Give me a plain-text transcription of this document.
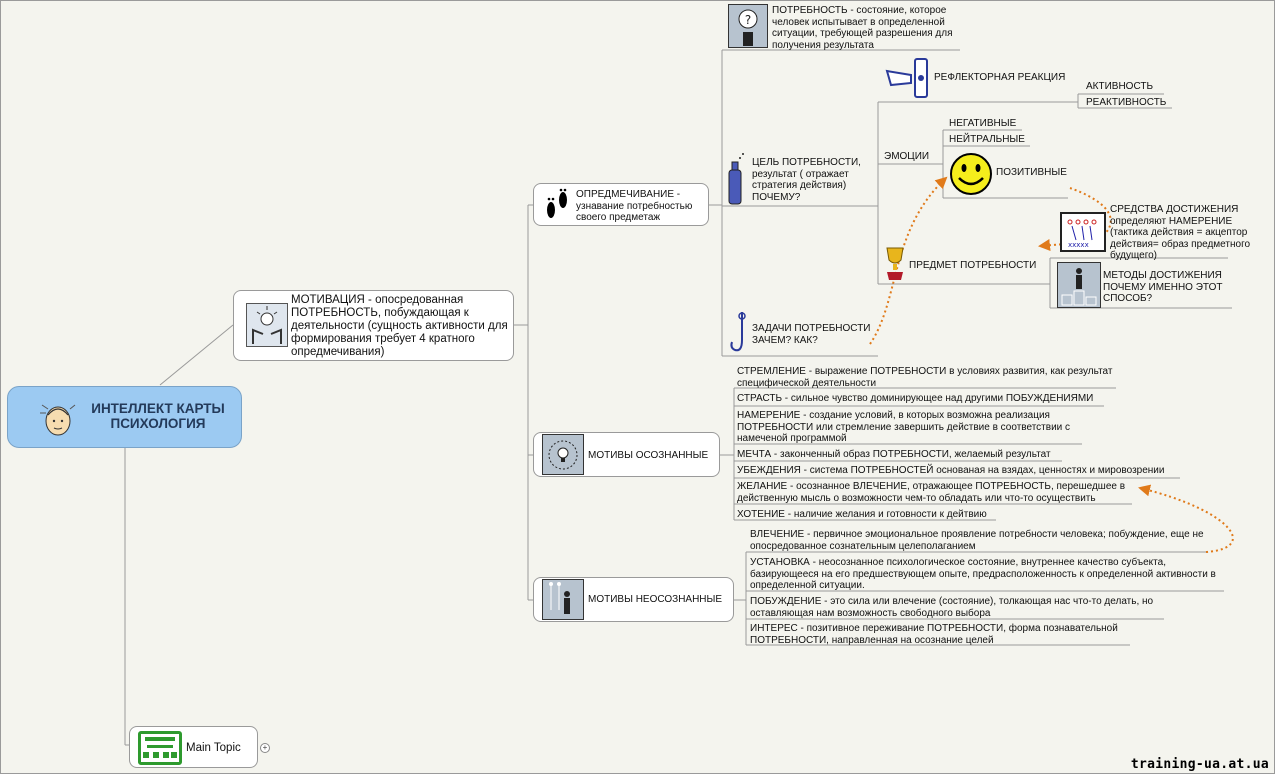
ИНТЕЛЛЕКТ КАРТЫ ПСИХОЛОГИЯ
МОТИВАЦИЯ - опосредованная ПОТРЕБНОСТЬ, побуждающая к деятельности (сущность активности для формирования требует 4 кратного опредмечивания)
ОПРЕДМЕЧИВАНИЕ - узнавание потребностью своего предметаж
?
ПОТРЕБНОСТЬ - состояние, которое человек испытывает в определенной ситуации, требующей разрешения для получения результата
РЕФЛЕКТОРНАЯ РЕАКЦИЯ
АКТИВНОСТЬ
РЕАКТИВНОСТЬ
ЦЕЛЬ ПОТРЕБНОСТИ, результат ( отражает стратегия действия) ПОЧЕМУ?
ЭМОЦИИ
НЕГАТИВНЫЕ
НЕЙТРАЛЬНЫЕ
ПОЗИТИВНЫЕ
xxxxx
СРЕДСТВА ДОСТИЖЕНИЯ определяют НАМЕРЕНИЕ (тактика действия = акцептор действия= образ предметного будущего)
ПРЕДМЕТ ПОТРЕБНОСТИ
МЕТОДЫ ДОСТИЖЕНИЯ ПОЧЕМУ ИМЕННО ЭТОТ СПОСОБ?
ЗАДАЧИ ПОТРЕБНОСТИ ЗАЧЕМ? КАК?
МОТИВЫ ОСОЗНАННЫЕ
СТРЕМЛЕНИЕ - выражение ПОТРЕБНОСТИ в условиях развития, как результат специфической деятельности
СТРАСТЬ - сильное чувство доминирующее над другими ПОБУЖДЕНИЯМИ
НАМЕРЕНИЕ - создание условий, в которых возможна реализация ПОТРЕБНОСТИ или стремление завершить действие в соответствии с намеченой программой
МЕЧТА - законченный образ ПОТРЕБНОСТИ, желаемый результат
УБЕЖДЕНИЯ - система ПОТРЕБНОСТЕЙ основаная на взядах, ценностях и мировозрении
ЖЕЛАНИЕ - осознанное ВЛЕЧЕНИЕ, отражающее ПОТРЕБНОСТЬ, перешедшее в действенную мысль о возможности чем-то обладать или что-то осуществить
ХОТЕНИЕ - наличие желания и готовности к дейтвию
МОТИВЫ НЕОСОЗНАННЫЕ
ВЛЕЧЕНИЕ - первичное эмоциональное проявление потребности человека; побуждение, еще не опосредованное сознательным целеполаганием
УСТАНОВКА - неосознанное психологическое состояние, внутреннее качество субъекта, базирующееся на его предшествующем опыте, предрасположенность к определенной активности в определенной ситуации.
ПОБУЖДЕНИЕ - это сила или влечение (состояние), толкающая нас что-то делать, но оставляющая нам возможность свободного выбора
ИНТЕРЕС - позитивное переживание ПОТРЕБНОСТИ, форма познавательной ПОТРЕБНОСТИ, направленная на осознание целей
Main Topic	+
training-ua.at.ua
